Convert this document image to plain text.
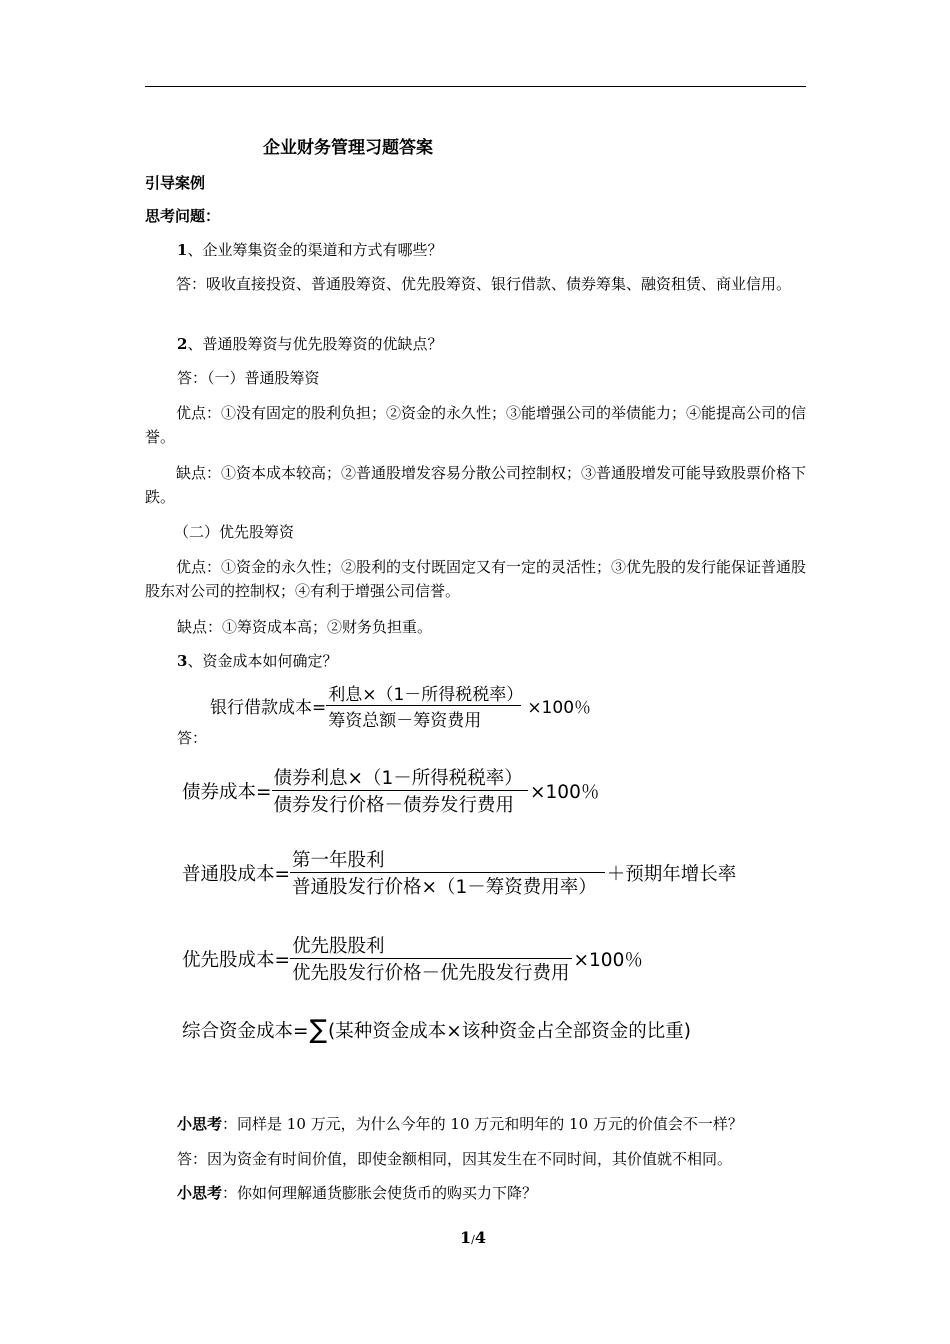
企业财务管理习题答案
引导案例
思考问题：
1、企业筹集资金的渠道和方式有哪些？
答：吸收直接投资、普通股筹资、优先股筹资、银行借款、债券筹集、融资租赁、商业信用。
2、普通股筹资与优先股筹资的优缺点？
答：（一）普通股筹资
优点：①没有固定的股利负担；②资金的永久性；③能增强公司的举债能力；④能提高公司的信誉。
缺点：①资本成本较高；②普通股增发容易分散公司控制权；③普通股增发可能导致股票价格下跌。
（二）优先股筹资
优点：①资金的永久性；②股利的支付既固定又有一定的灵活性；③优先股的发行能保证普通股股东对公司的控制权；④有利于增强公司信誉。
缺点：①筹资成本高；②财务负担重。
3、资金成本如何确定？
答：
银行借款成本= $\frac{\text{利息×（1－所得税税率）}}{\text{筹资总额－筹资费用}} \times 100$％
债券成本= $\frac{\text{债券利息×（1－所得税税率）}}{\text{债券发行价格－债券发行费用}} \times 100$％
普通股成本= $\frac{\text{第一年股利}}{\text{普通股发行价格×（1－筹资费用率）}}$ ＋预期年增长率
优先股成本= $\frac{\text{优先股股利}}{\text{优先股发行价格－优先股发行费用}} \times 100$％
综合资金成本= ∑ (某种资金成本×该种资金占全部资金的比重)
小思考：同样是 10 万元，为什么今年的 10 万元和明年的 10 万元的价值会不一样？
答：因为资金有时间价值，即使金额相同，因其发生在不同时间，其价值就不相同。
小思考：你如何理解通货膨胀会使货币的购买力下降？
1/4
